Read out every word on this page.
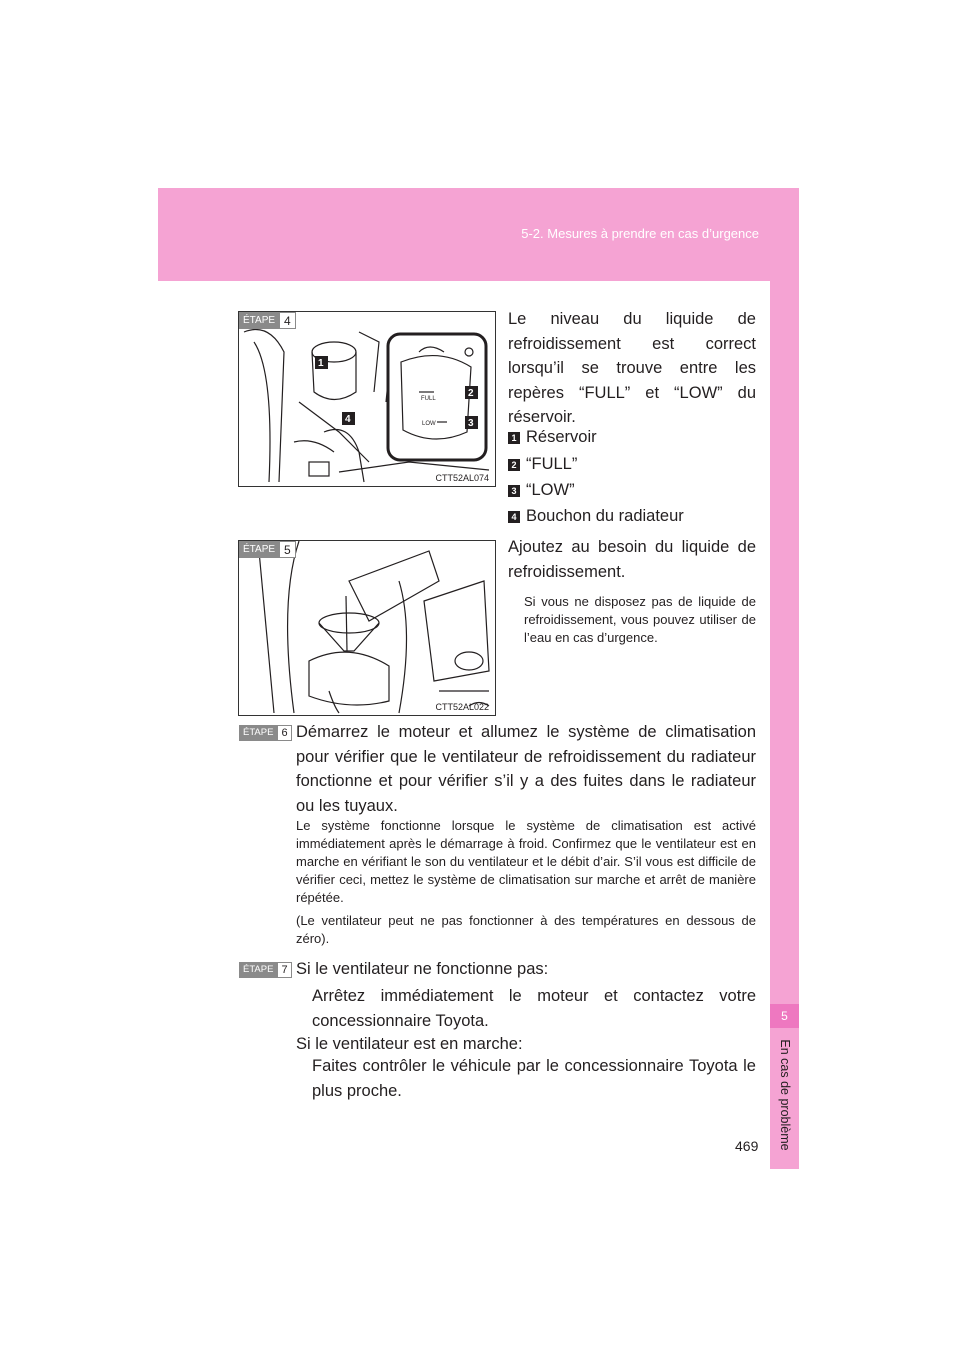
5-2. Mesures à prendre en cas d’urgence
5
En cas de problème
FULL
LOW
1
2
3
4
ÉTAPE 4
CTT52AL074
Le niveau du liquide de refroidissement est correct lorsqu’il se trouve entre les repères “FULL” et “LOW” du réservoir.
1 Réservoir
2 “FULL”
3 “LOW”
4 Bouchon du radiateur
ÉTAPE 5
CTT52AL022
Ajoutez au besoin du liquide de refroidissement.
Si vous ne disposez pas de liquide de refroidissement, vous pouvez utiliser de l’eau en cas d’urgence.
ÉTAPE 6 Démarrez le moteur et allumez le système de climatisation pour vérifier que le ventilateur de refroidissement du radiateur fonctionne et pour vérifier s’il y a des fuites dans le radiateur ou les tuyaux.
Le système fonctionne lorsque le système de climatisation est activé immédiatement après le démarrage à froid. Confirmez que le ventilateur est en marche en vérifiant le son du ventilateur et le débit d’air. S’il vous est difficile de vérifier ceci, mettez le système de climatisation sur marche et arrêt de manière répétée.
(Le ventilateur peut ne pas fonctionner à des températures en dessous de zéro).
ÉTAPE 7 Si le ventilateur ne fonctionne pas:
Arrêtez immédiatement le moteur et contactez votre concessionnaire Toyota.
Si le ventilateur est en marche:
Faites contrôler le véhicule par le concessionnaire Toyota le plus proche.
469
